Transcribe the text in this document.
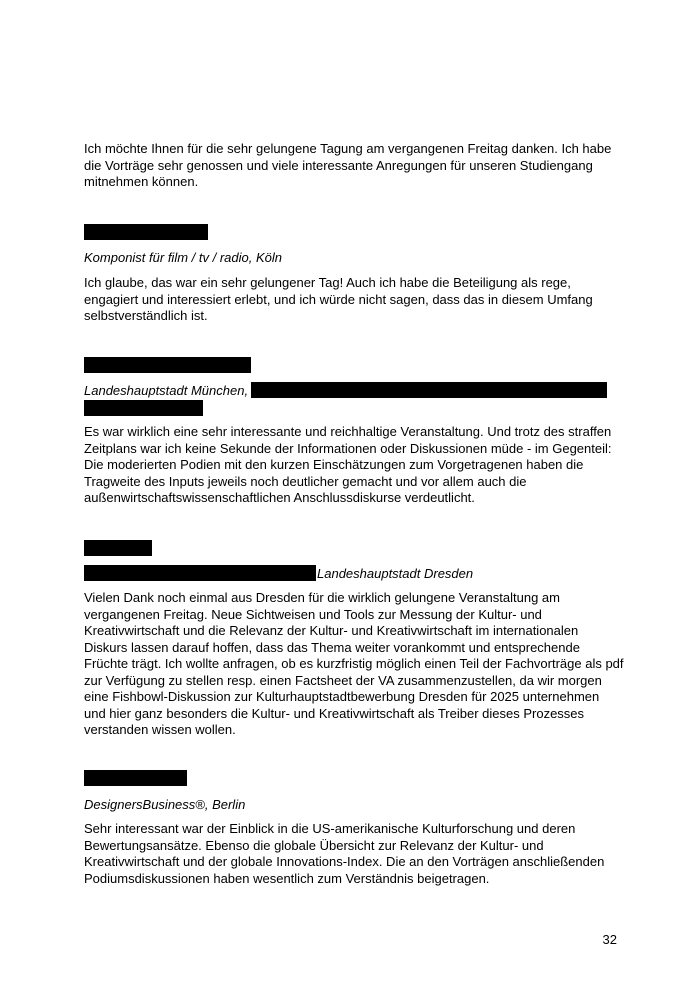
Ich möchte Ihnen für die sehr gelungene Tagung am vergangenen Freitag danken. Ich habe die Vorträge sehr genossen und viele interessante Anregungen für unseren Studiengang mitnehmen können.

Komponist für film / tv / radio, Köln

Ich glaube, das war ein sehr gelungener Tag! Auch ich habe die Beteiligung als rege, engagiert und interessiert erlebt, und ich würde nicht sagen, dass das in diesem Umfang selbstverständlich ist.

Landeshauptstadt München,

Es war wirklich eine sehr interessante und reichhaltige Veranstaltung. Und trotz des straffen Zeitplans war ich keine Sekunde der Informationen oder Diskussionen müde - im Gegenteil: Die moderierten Podien mit den kurzen Einschätzungen zum Vorgetragenen haben die Tragweite des Inputs jeweils noch deutlicher gemacht und vor allem auch die außenwirtschaftswissenschaftlichen Anschlussdiskurse verdeutlicht.

Landeshauptstadt Dresden

Vielen Dank noch einmal aus Dresden für die wirklich gelungene Veranstaltung am vergangenen Freitag. Neue Sichtweisen und Tools zur Messung der Kultur- und Kreativwirtschaft und die Relevanz der Kultur- und Kreativwirtschaft im internationalen Diskurs lassen darauf hoffen, dass das Thema weiter vorankommt und entsprechende Früchte trägt. Ich wollte anfragen, ob es kurzfristig möglich einen Teil der Fachvorträge als pdf zur Verfügung zu stellen resp. einen Factsheet der VA zusammenzustellen, da wir morgen eine Fishbowl-Diskussion zur Kulturhauptstadtbewerbung Dresden für 2025 unternehmen und hier ganz besonders die Kultur- und Kreativwirtschaft als Treiber dieses Prozesses verstanden wissen wollen.

DesignersBusiness®, Berlin

Sehr interessant war der Einblick in die US-amerikanische Kulturforschung und deren Bewertungsansätze. Ebenso die globale Übersicht zur Relevanz der Kultur- und Kreativwirtschaft und der globale Innovations-Index. Die an den Vorträgen anschließenden Podiumsdiskussionen haben wesentlich zum Verständnis beigetragen.

32
